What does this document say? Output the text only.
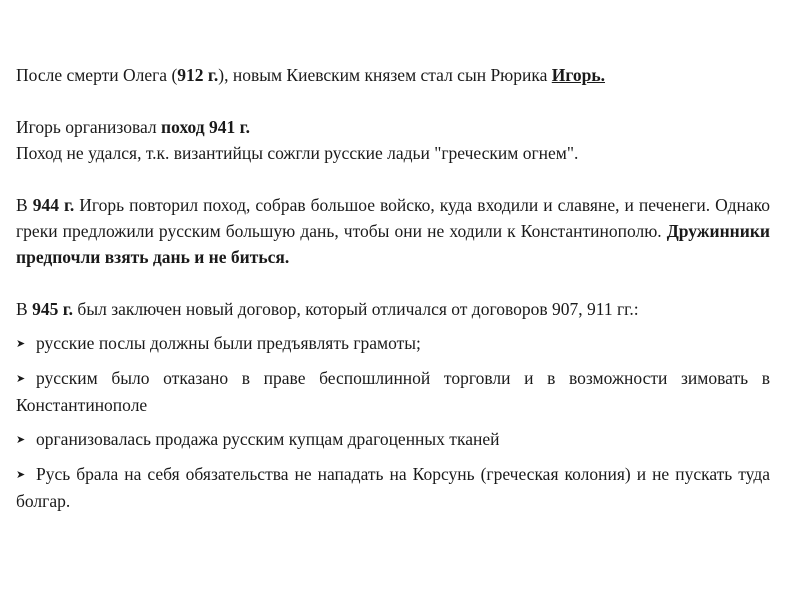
После смерти Олега (912 г.), новым Киевским князем стал сын Рюрика Игорь.

Игорь организовал поход 941 г.
Поход не удался, т.к. византийцы сожгли русские ладьи "греческим огнем".

В 944 г. Игорь повторил поход, собрав большое войско, куда входили и славяне, и печенеги. Однако греки предложили русским большую дань, чтобы они не ходили к Константинополю. Дружинники предпочли взять дань и не биться.

В 945 г. был заключен новый договор, который отличался от договоров 907, 911 гг.:

➤ русские послы должны были предъявлять грамоты;

➤ русским было отказано в праве беспошлинной торговли и в возможности зимовать в Константинополе

➤ организовалась продажа русским купцам драгоценных тканей

➤ Русь брала на себя обязательства не нападать на Корсунь (греческая колония) и не пускать туда болгар.
